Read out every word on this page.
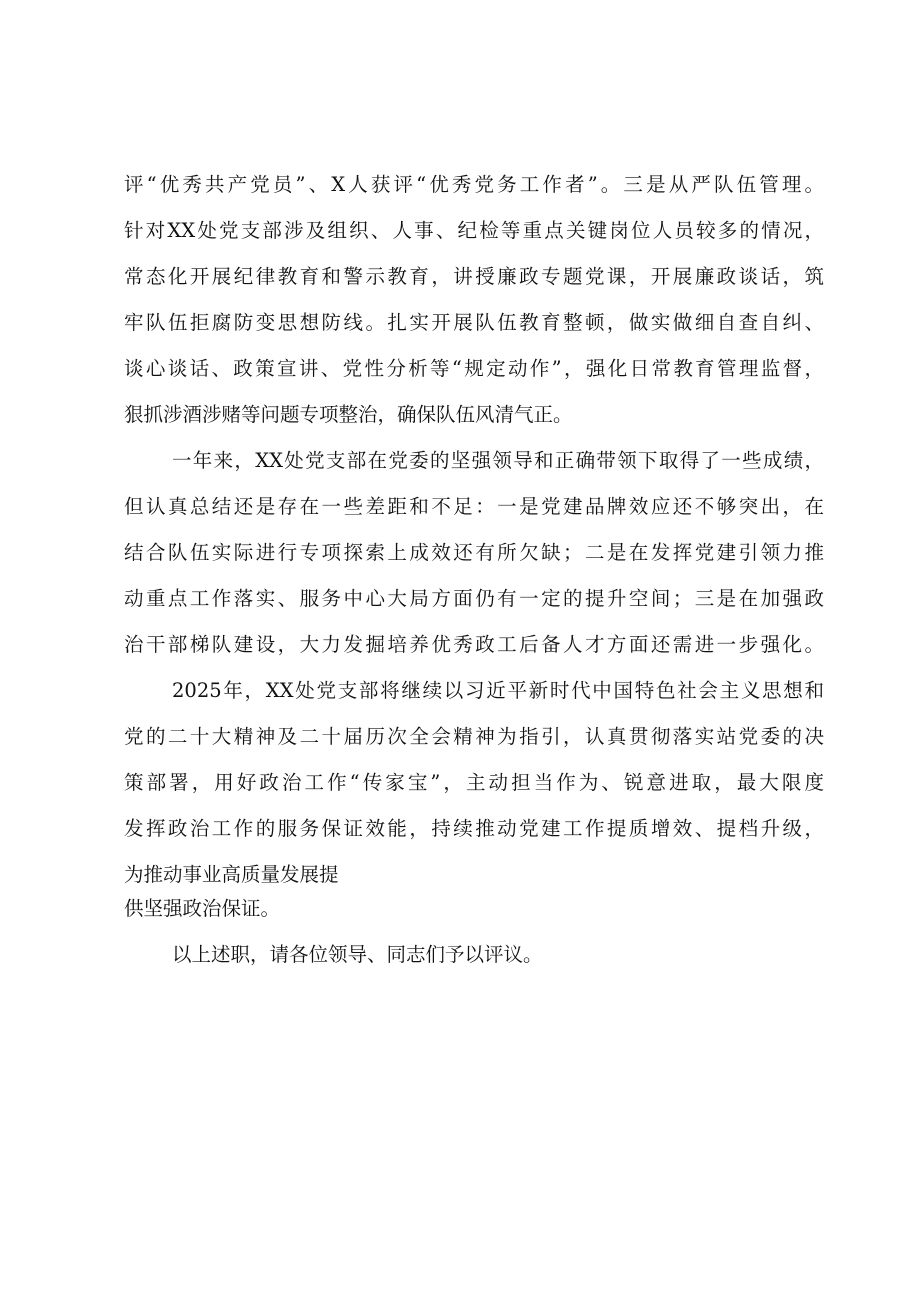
评“优秀共产党员”、X人获评“优秀党务工作者”。三是从严队伍管理。
针对XX处党支部涉及组织、人事、纪检等重点关键岗位人员较多的情况，
常态化开展纪律教育和警示教育，讲授廉政专题党课，开展廉政谈话，筑
牢队伍拒腐防变思想防线。扎实开展队伍教育整顿，做实做细自查自纠、
谈心谈话、政策宣讲、党性分析等“规定动作”，强化日常教育管理监督，
狠抓涉酒涉赌等问题专项整治，确保队伍风清气正。
一年来，XX处党支部在党委的坚强领导和正确带领下取得了一些成绩，
但认真总结还是存在一些差距和不足：一是党建品牌效应还不够突出，在
结合队伍实际进行专项探索上成效还有所欠缺；二是在发挥党建引领力推
动重点工作落实、服务中心大局方面仍有一定的提升空间；三是在加强政
治干部梯队建设，大力发掘培养优秀政工后备人才方面还需进一步强化。
2025年，XX处党支部将继续以习近平新时代中国特色社会主义思想和
党的二十大精神及二十届历次全会精神为指引，认真贯彻落实站党委的决
策部署，用好政治工作“传家宝”，主动担当作为、锐意进取，最大限度
发挥政治工作的服务保证效能，持续推动党建工作提质增效、提档升级，
为推动事业高质量发展提
供坚强政治保证。
以上述职，请各位领导、同志们予以评议。
